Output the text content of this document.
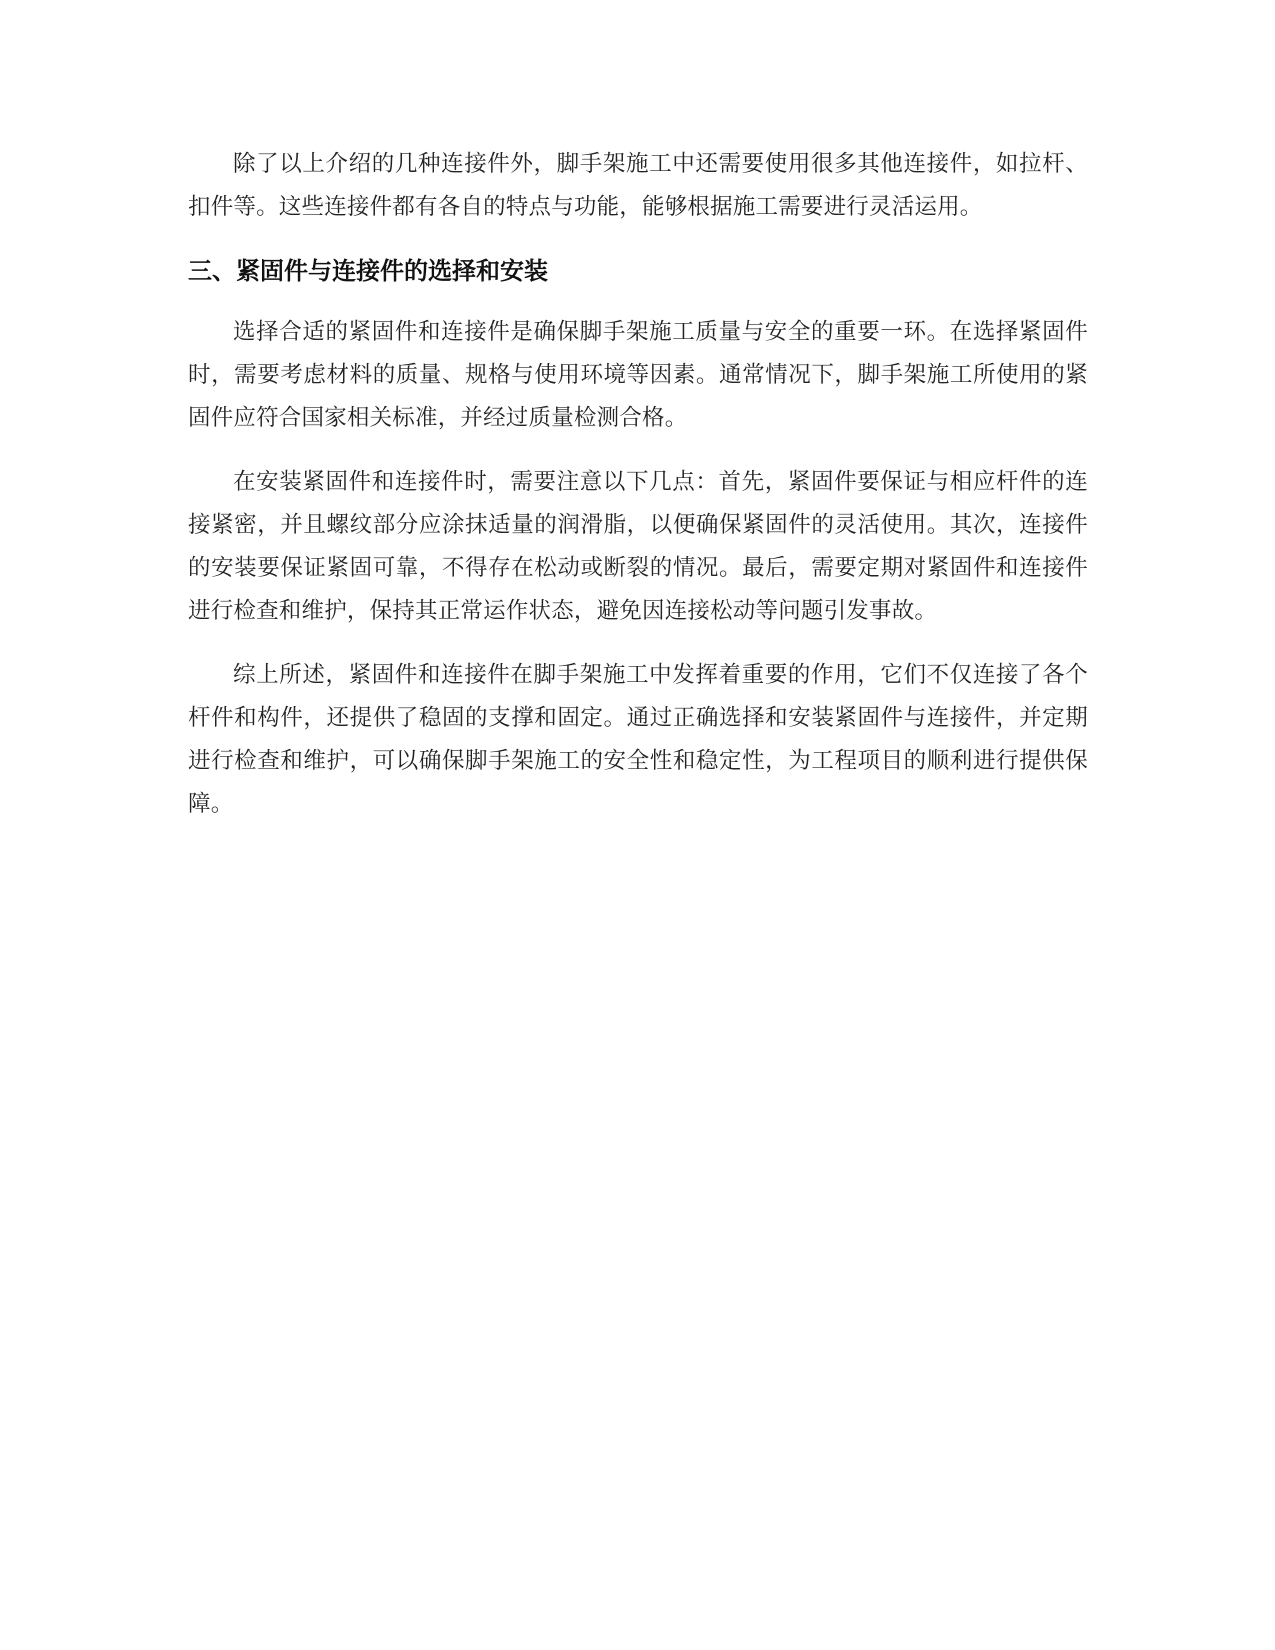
除了以上介绍的几种连接件外，脚手架施工中还需要使用很多其他连接件，如拉杆、扣件等。这些连接件都有各自的特点与功能，能够根据施工需要进行灵活运用。

三、紧固件与连接件的选择和安装

选择合适的紧固件和连接件是确保脚手架施工质量与安全的重要一环。在选择紧固件时，需要考虑材料的质量、规格与使用环境等因素。通常情况下，脚手架施工所使用的紧固件应符合国家相关标准，并经过质量检测合格。

在安装紧固件和连接件时，需要注意以下几点：首先，紧固件要保证与相应杆件的连接紧密，并且螺纹部分应涂抹适量的润滑脂，以便确保紧固件的灵活使用。其次，连接件的安装要保证紧固可靠，不得存在松动或断裂的情况。最后，需要定期对紧固件和连接件进行检查和维护，保持其正常运作状态，避免因连接松动等问题引发事故。

综上所述，紧固件和连接件在脚手架施工中发挥着重要的作用，它们不仅连接了各个杆件和构件，还提供了稳固的支撑和固定。通过正确选择和安装紧固件与连接件，并定期进行检查和维护，可以确保脚手架施工的安全性和稳定性，为工程项目的顺利进行提供保障。
